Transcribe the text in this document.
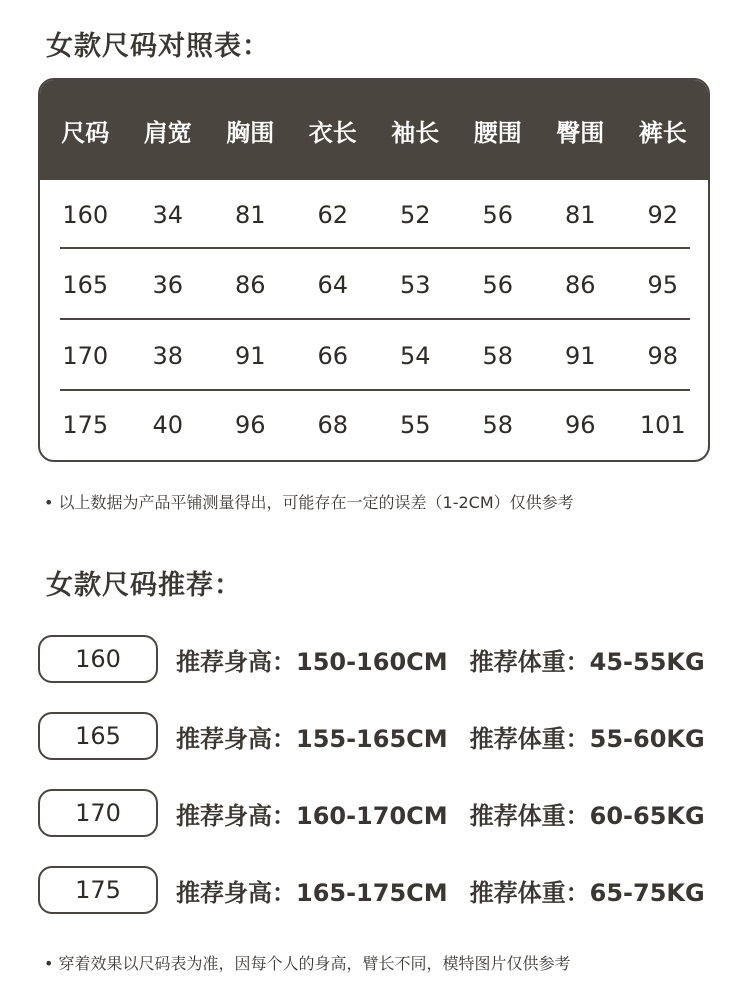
女款尺码对照表：
尺码	肩宽	胸围	衣长	袖长	腰围	臀围	裤长
160	34	81	62	52	56	81	92
165	36	86	64	53	56	86	95
170	38	91	66	54	58	91	98
175	40	96	68	55	58	96	101
• 以上数据为产品平铺测量得出，可能存在一定的误差（1-2CM）仅供参考
女款尺码推荐：
160	推荐身高：150-160CM 推荐体重：45-55KG
165	推荐身高：155-165CM 推荐体重：55-60KG
170	推荐身高：160-170CM 推荐体重：60-65KG
175	推荐身高：165-175CM 推荐体重：65-75KG
• 穿着效果以尺码表为准，因每个人的身高，臂长不同，模特图片仅供参考
